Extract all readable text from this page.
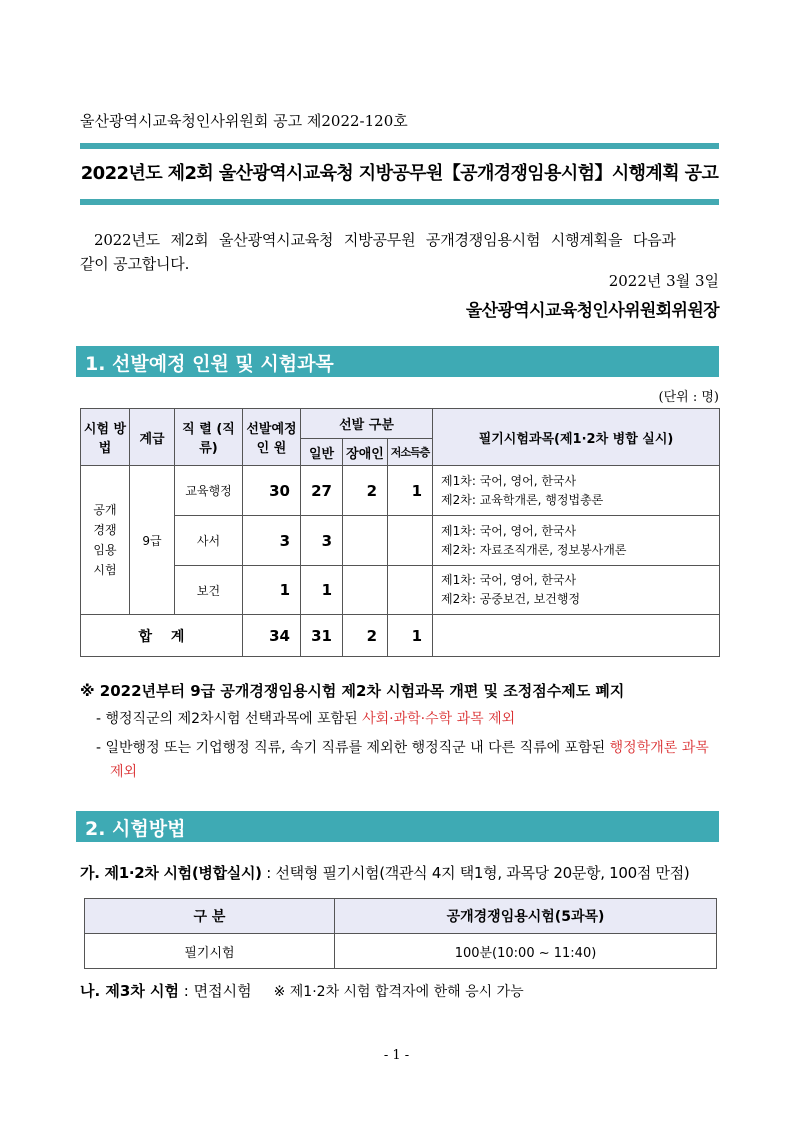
울산광역시교육청인사위원회 공고 제2022-120호
2022년도 제2회 울산광역시교육청 지방공무원【공개경쟁임용시험】시행계획 공고
2022년도 제2회 울산광역시교육청 지방공무원 공개경쟁임용시험 시행계획을 다음과
같이 공고합니다.
2022년 3월 3일
울산광역시교육청인사위원회위원장
1. 선발예정 인원 및 시험과목
(단위 : 명)
시험 방법	계급	직 렬 (직류)	선발예정 인 원	선발 구분			필기시험과목(제1·2차 병합 실시)
				일반	장애인	저소득층	
공개 경쟁 임용 시험	9급	교육행정	30	27	2	1	제1차: 국어, 영어, 한국사
제2차: 교육학개론, 행정법총론

		사서	3	3			제1차: 국어, 영어, 한국사
제2차: 자료조직개론, 정보봉사개론

		보건	1	1			제1차: 국어, 영어, 한국사
제2차: 공중보건, 보건행정

합 계			34	31	2	1	
※ 2022년부터 9급 공개경쟁임용시험 제2차 시험과목 개편 및 조정점수제도 폐지
- 행정직군의 제2차시험 선택과목에 포함된 사회·과학·수학 과목 제외
- 일반행정 또는 기업행정 직류, 속기 직류를 제외한 행정직군 내 다른 직류에 포함된 행정학개론 과목 제외
2. 시험방법
가. 제1·2차 시험(병합실시) : 선택형 필기시험(객관식 4지 택1형, 과목당 20문항, 100점 만점)
구 분	공개경쟁임용시험(5과목)
필기시험	100분(10:00 ~ 11:40)
나. 제3차 시험 : 면접시험 ※ 제1·2차 시험 합격자에 한해 응시 가능
- 1 -
